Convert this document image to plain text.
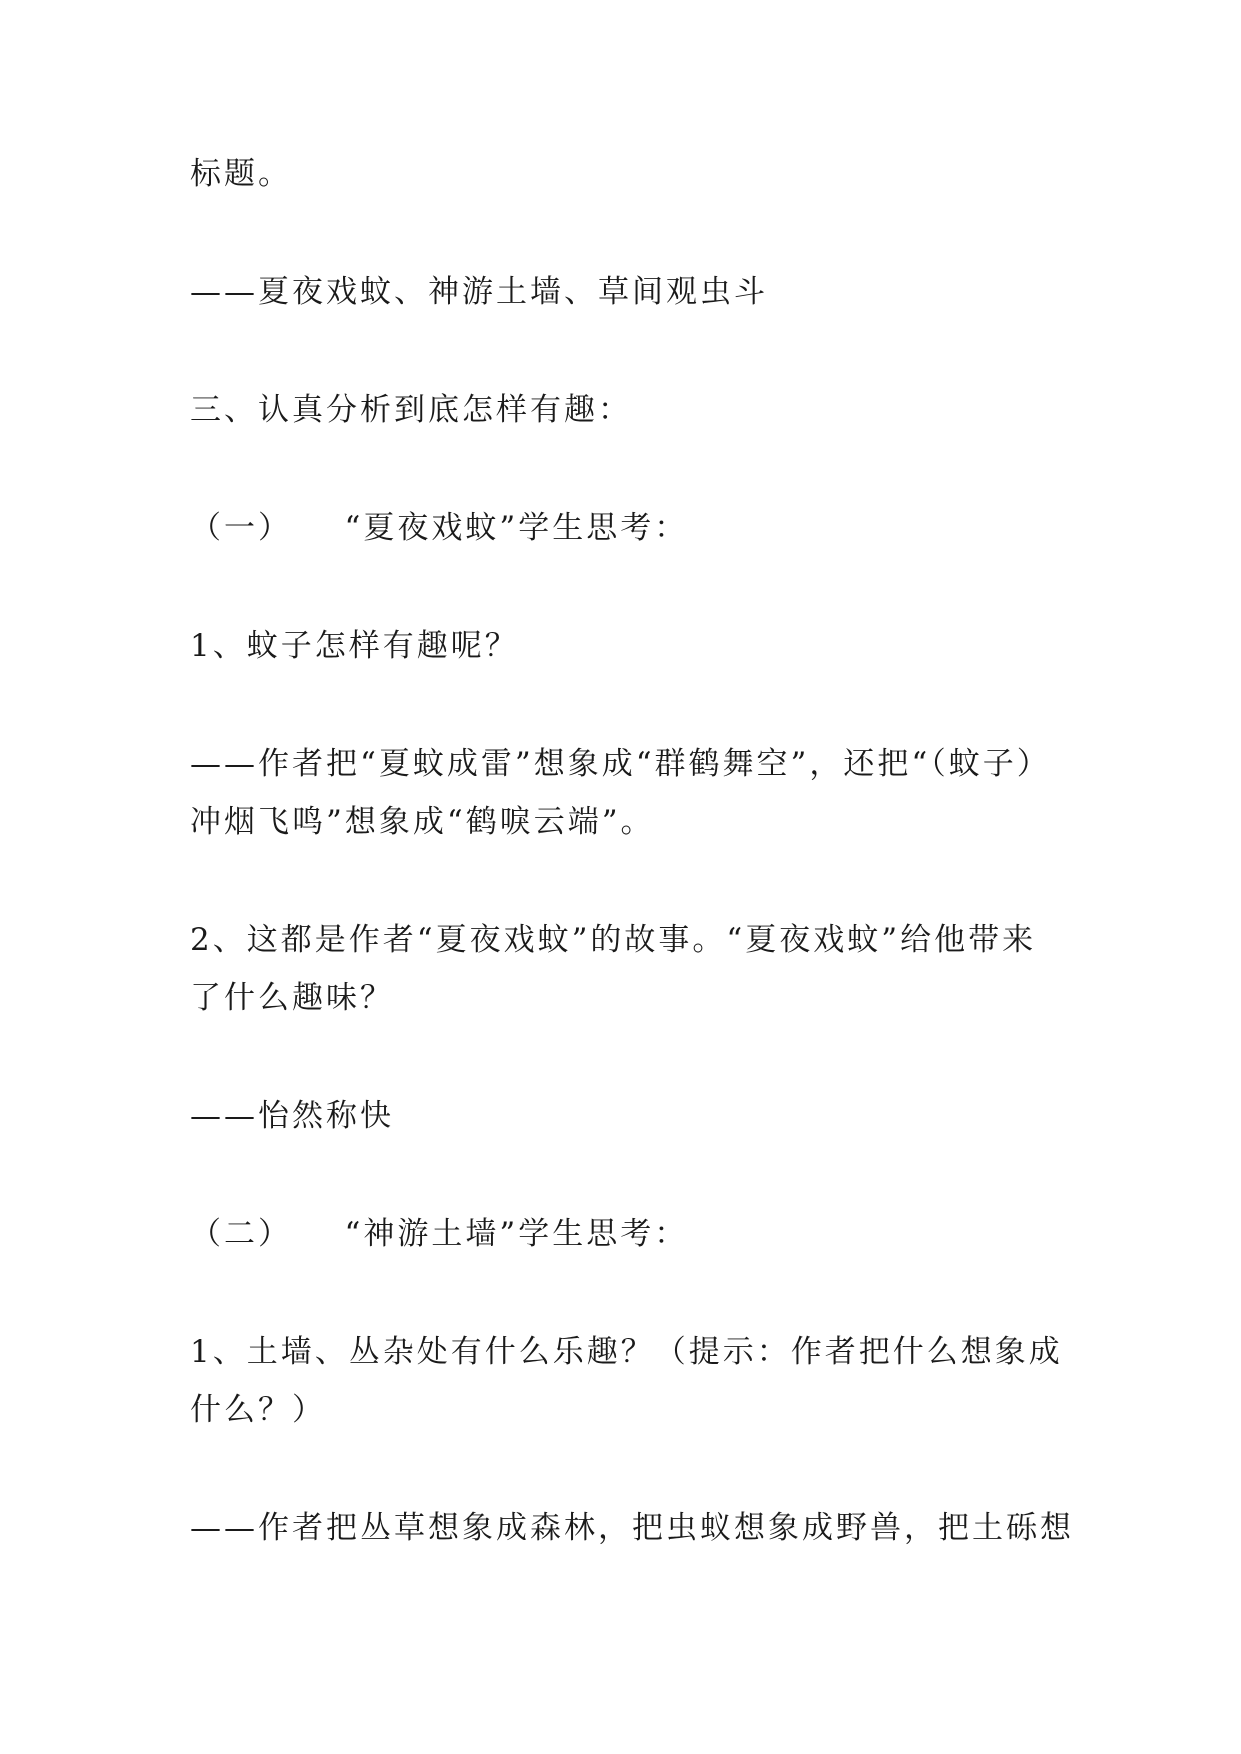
标题。

——夏夜戏蚊、神游土墙、草间观虫斗

三、认真分析到底怎样有趣：

（一）　　“夏夜戏蚊”学生思考：

1、蚊子怎样有趣呢？

——作者把“夏蚊成雷”想象成“群鹤舞空”，还把“（蚊子）
冲烟飞鸣”想象成“鹤唳云端”。

2、这都是作者“夏夜戏蚊”的故事。“夏夜戏蚊”给他带来
了什么趣味？

——怡然称快

（二）　　“神游土墙”学生思考：

1、土墙、丛杂处有什么乐趣？（提示：作者把什么想象成
什么？）

——作者把丛草想象成森林，把虫蚁想象成野兽，把土砾想
